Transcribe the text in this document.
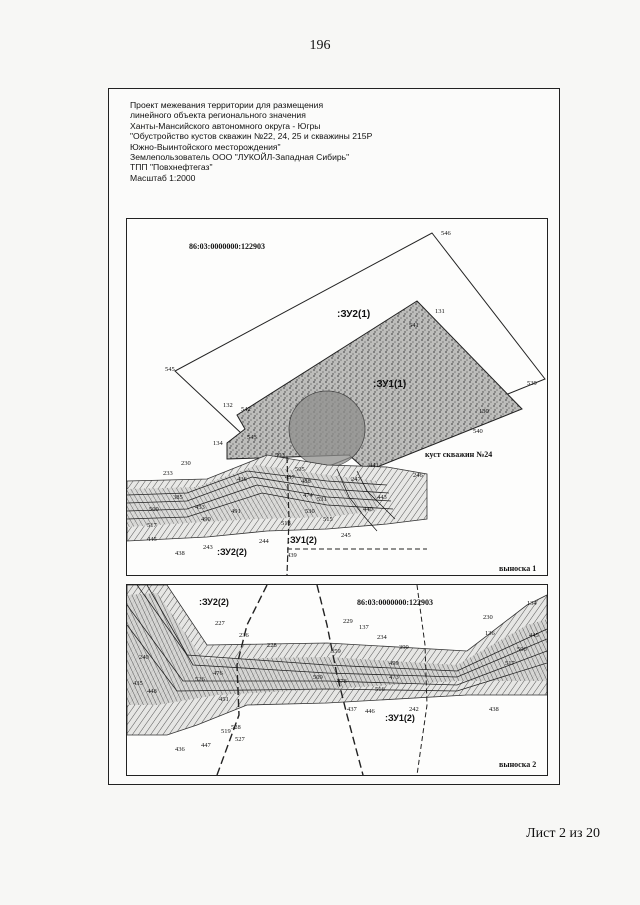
196
Проект межевания территории для размещения
линейного объекта регионального значения
Ханты-Мансийского автономного округа - Югры
"Обустройство кустов скважин №22, 24, 25 и скважины 215Р
Южно-Выинтойского месторождения"
Землепользователь ООО "ЛУКОЙЛ-Западная Сибирь"
ТПП "Повхнефтегаз"
Масштаб 1:2000
86:03:0000000:122903
:ЗУ2(1)
:ЗУ1(1)
куст скважин №24
:ЗУ2(2)
:ЗУ1(2)
выноска 1
546
131
541
545
539
130
540
132
542
543
134
230
233
436
246
441
443
440
515
245
438
243
244
439
500
490
517
445
518
530
531
503
505
457	247
453
491
385	474
488
86:03:0000000:122903
:ЗУ2(2)
:ЗУ1(2)
выноска 2
227
236
228
229
137
234
230
134
445
436
447
527
528
519
437 446	242	438
500
517
448
435
499
526	509
478
473
399
359
516
240
136
476
451
Лист 2 из 20
